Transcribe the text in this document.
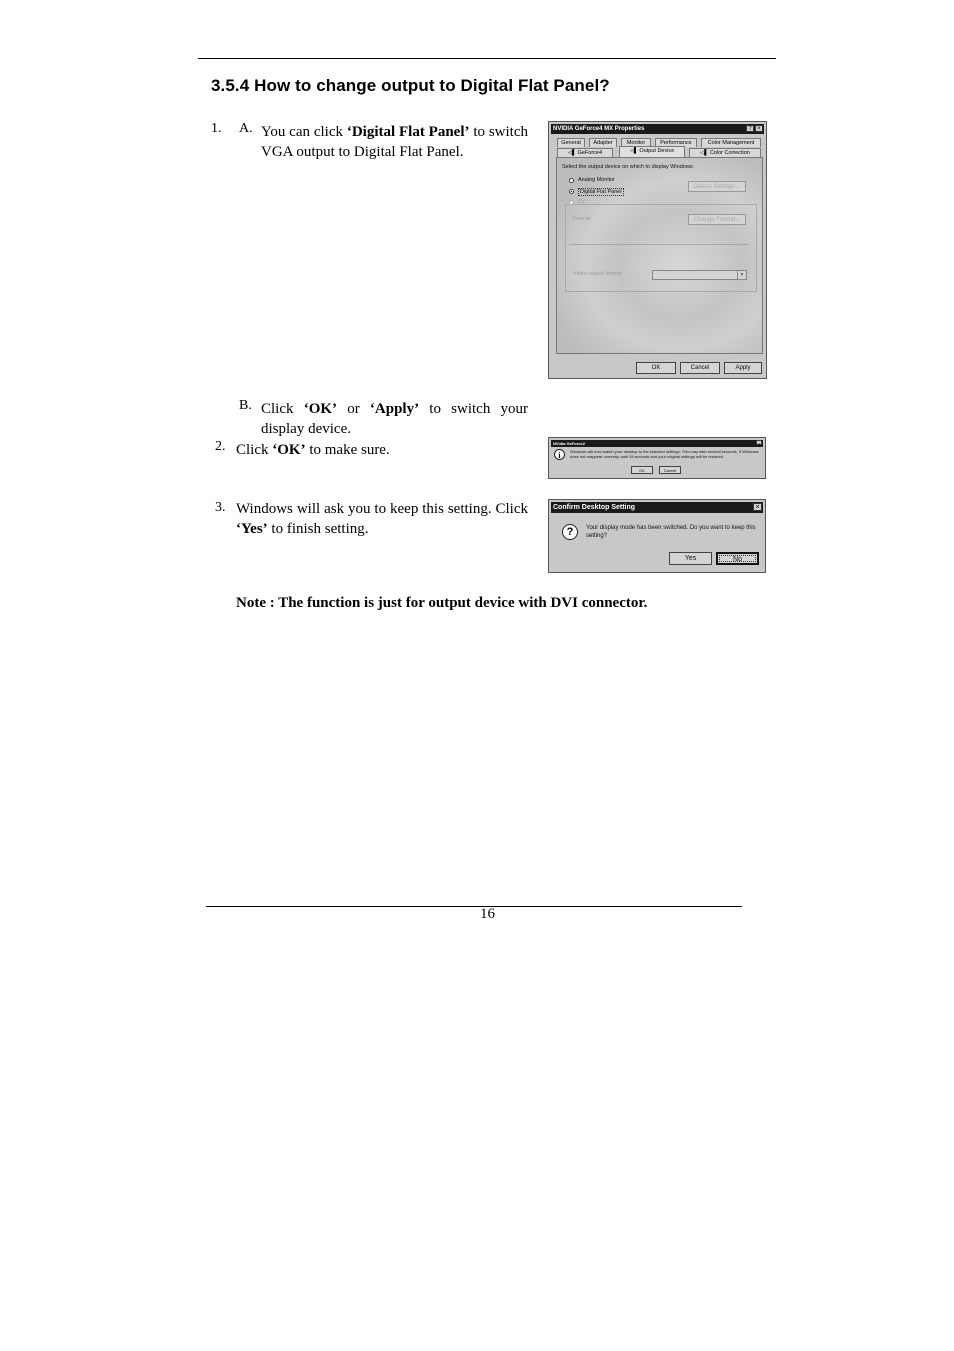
3.5.4 How to change output to Digital Flat Panel?
1. A. You can click ‘Digital Flat Panel’ to switch VGA output to Digital Flat Panel.
B. Click ‘OK’ or ‘Apply’ to switch your display device.
2. Click ‘OK’ to make sure.
3. Windows will ask you to keep this setting. Click ‘Yes’ to finish setting.
Note : The function is just for output device with DVI connector.
16
NVIDIA GeForce4 MX Properties	? ×
General	Adapter	Monitor	Performance	Color Management
◁▌ GeForce4	◁▌ Output Device	◁▌ Color Correction
Select the output device on which to display Windows:
Analog Monitor
Device Settings...
Digital Flat Panel
TV
Format:	Change Format...
Video output format:	▼
OK	Cancel	Apply
NVidia GeForce2	×
i	Windows will now switch your desktop to the selected settings. This may take several seconds. If Windows does not reappear correctly, wait 15 seconds and your original settings will be restored.
OK	Cancel
Confirm Desktop Setting	×
?	Your display mode has been switched. Do you want to keep this setting?
Yes	No
